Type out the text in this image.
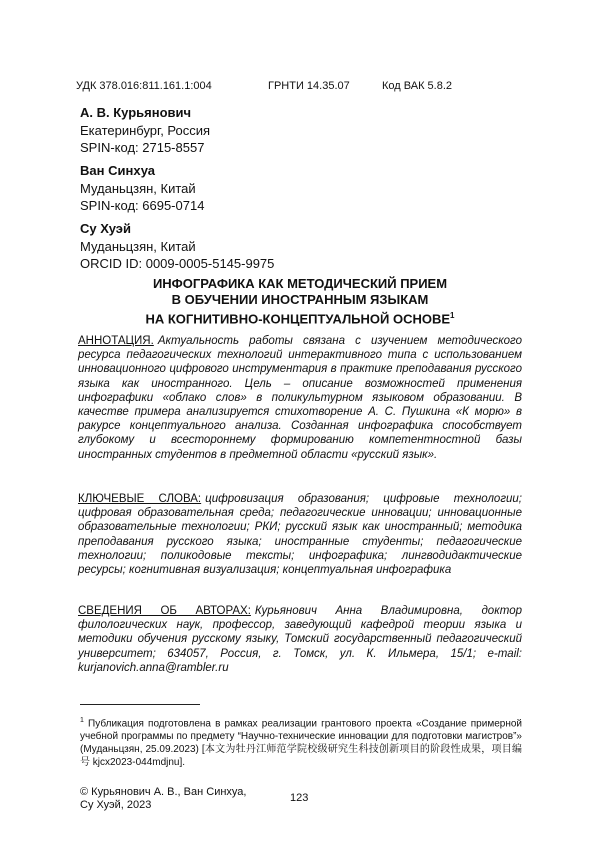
УДК 378.016:811.161.1:004	ГРНТИ 14.35.07	Код ВАК 5.8.2
А. В. Курьянович
Екатеринбург, Россия
SPIN-код: 2715-8557
Ван Синхуа
Муданьцзян, Китай
SPIN-код: 6695-0714
Су Хуэй
Муданьцзян, Китай
ORCID ID: 0009-0005-5145-9975
ИНФОГРАФИКА КАК МЕТОДИЧЕСКИЙ ПРИЕМ
В ОБУЧЕНИИ ИНОСТРАННЫМ ЯЗЫКАМ
НА КОГНИТИВНО-КОНЦЕПТУАЛЬНОЙ ОСНОВЕ$^1$
АННОТАЦИЯ. Актуальность работы связана с изучением методического ресурса педагогических технологий интерактивного типа с использованием инновационного цифрового инструментария в практике преподавания русского языка как иностранного. Цель – описание возможностей применения инфографики «облако слов» в поликультурном языковом образовании. В качестве примера анализируется стихотворение А. С. Пушкина «К морю» в ракурсе концептуального анализа. Созданная инфографика способствует глубокому и всестороннему формированию компетентностной базы иностранных студентов в предметной области «русский язык».
КЛЮЧЕВЫЕ СЛОВА: цифровизация образования; цифровые технологии; цифровая образовательная среда; педагогические инновации; инновационные образовательные технологии; РКИ; русский язык как иностранный; методика преподавания русского языка; иностранные студенты; педагогические технологии; поликодовые тексты; инфографика; лингводидактические ресурсы; когнитивная визуализация; концептуальная инфографика
СВЕДЕНИЯ ОБ АВТОРАХ: Курьянович Анна Владимировна, доктор филологических наук, профессор, заведующий кафедрой теории языка и методики обучения русскому языку, Томский государственный педагогический университет; 634057, Россия, г. Томск, ул. К. Ильмера, 15/1; e-mail: kurjanovich.anna@rambler.ru
$^1$ Публикация подготовлена в рамках реализации грантового проекта «Создание примерной учебной программы по предмету “Научно-технические инновации для подготовки магистров”» (Муданьцзян, 25.09.2023) [本文为牡丹江师范学院校级研究生科技创新项目的阶段性成果，项目编号 kjcx2023-044mdjnu].
© Курьянович А. В., Ван Синхуа,
Су Хуэй, 2023
123
